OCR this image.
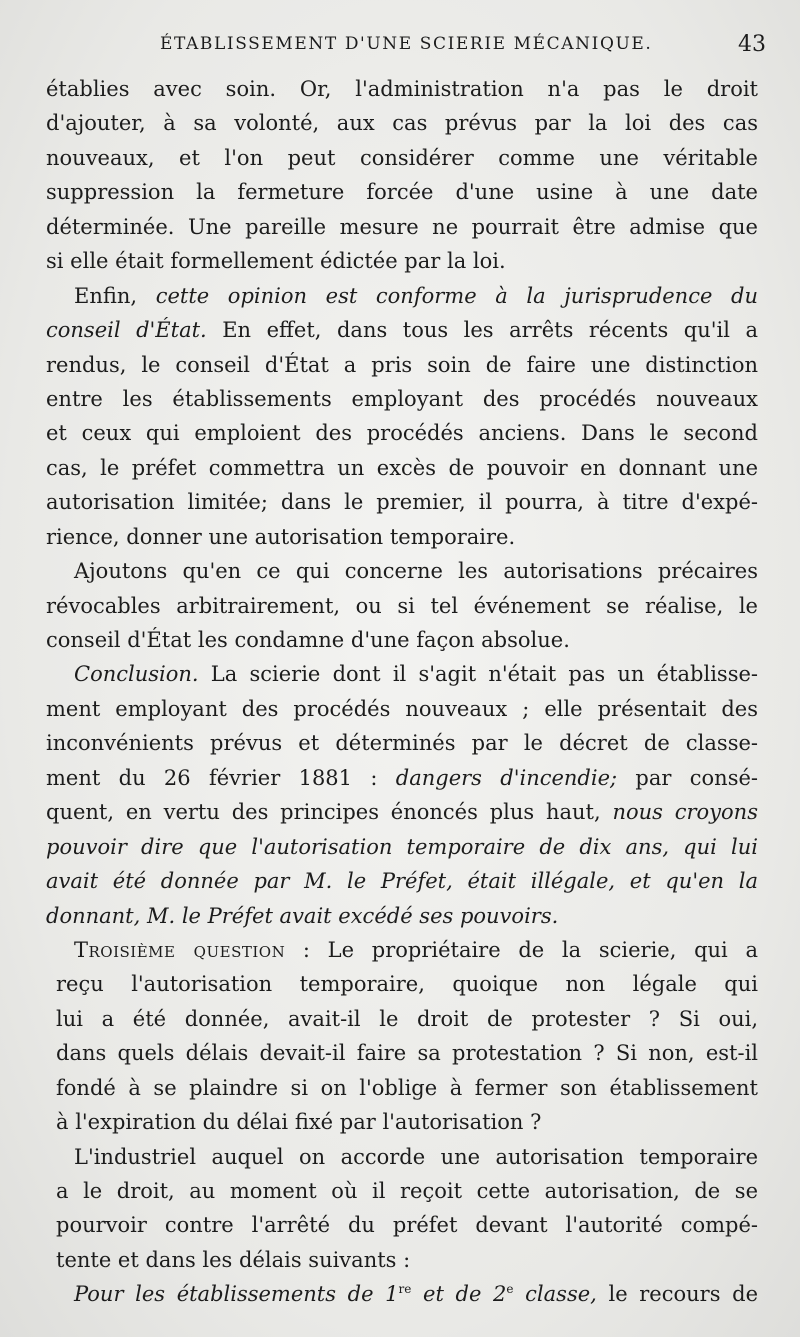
ÉTABLISSEMENT D'UNE SCIERIE MÉCANIQUE.	43
établies avec soin. Or, l'administration n'a pas le droit
d'ajouter, à sa volonté, aux cas prévus par la loi des cas
nouveaux, et l'on peut considérer comme une véritable
suppression la fermeture forcée d'une usine à une date
déterminée. Une pareille mesure ne pourrait être admise que
si elle était formellement édictée par la loi.
Enfin, cette opinion est conforme à la jurisprudence du
conseil d'État. En effet, dans tous les arrêts récents qu'il a
rendus, le conseil d'État a pris soin de faire une distinction
entre les établissements employant des procédés nouveaux
et ceux qui emploient des procédés anciens. Dans le second
cas, le préfet commettra un excès de pouvoir en donnant une
autorisation limitée; dans le premier, il pourra, à titre d'expé-
rience, donner une autorisation temporaire.
Ajoutons qu'en ce qui concerne les autorisations précaires
révocables arbitrairement, ou si tel événement se réalise, le
conseil d'État les condamne d'une façon absolue.
Conclusion. La scierie dont il s'agit n'était pas un établisse-
ment employant des procédés nouveaux ; elle présentait des
inconvénients prévus et déterminés par le décret de classe-
ment du 26 février 1881 : dangers d'incendie; par consé-
quent, en vertu des principes énoncés plus haut, nous croyons
pouvoir dire que l'autorisation temporaire de dix ans, qui lui
avait été donnée par M. le Préfet, était illégale, et qu'en la
donnant, M. le Préfet avait excédé ses pouvoirs.
Troisième question : Le propriétaire de la scierie, qui a
reçu l'autorisation temporaire, quoique non légale qui
lui a été donnée, avait-il le droit de protester ? Si oui,
dans quels délais devait-il faire sa protestation ? Si non, est-il
fondé à se plaindre si on l'oblige à fermer son établissement
à l'expiration du délai fixé par l'autorisation ?
L'industriel auquel on accorde une autorisation temporaire
a le droit, au moment où il reçoit cette autorisation, de se
pourvoir contre l'arrêté du préfet devant l'autorité compé-
tente et dans les délais suivants :
Pour les établissements de 1re et de 2e classe, le recours de
